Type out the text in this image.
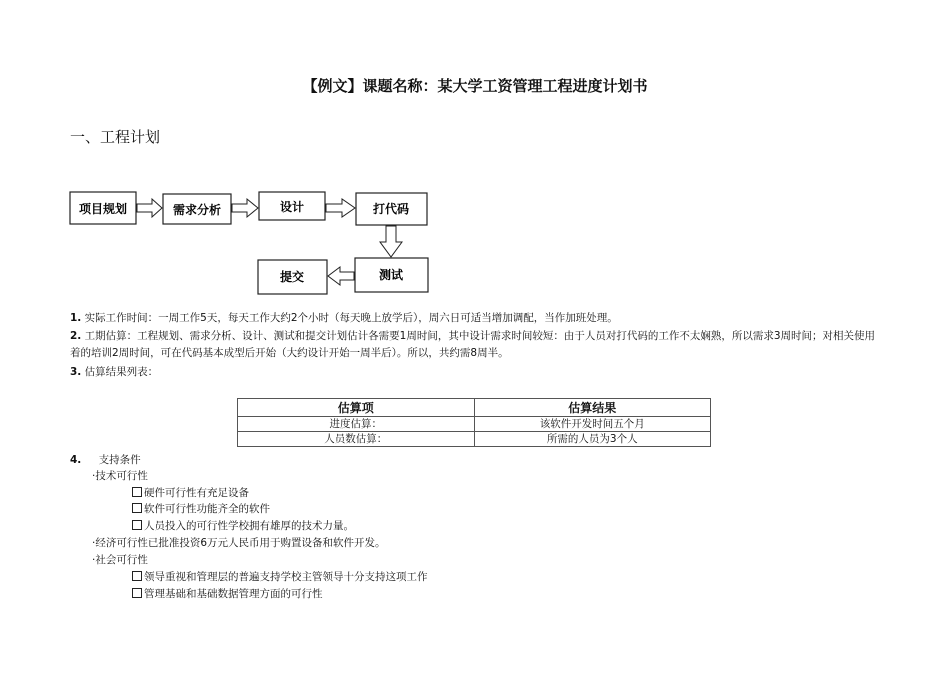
【例文】课题名称：某大学工资管理工程进度计划书
一、工程计划
项目规划	需求分析	设计	打代码
测试
提交
1. 实际工作时间：一周工作5天，每天工作大约2个小时（每天晚上放学后），周六日可适当增加调配，当作加班处理。
2. 工期估算：工程规划、需求分析、设计、测试和提交计划估计各需要1周时间，其中设计需求时间较短：由于人员对打代码的工作不太娴熟，所以需求3周时间；对相关使用着的培训2周时间，可在代码基本成型后开始（大约设计开始一周半后）。所以，共约需8周半。
3. 估算结果列表：
估算项	估算结果
进度估算：	该软件开发时间五个月
人员数估算：	所需的人员为3个人
4. 支持条件
·技术可行性
硬件可行性有充足设备
软件可行性功能齐全的软件
人员投入的可行性学校拥有雄厚的技术力量。
·经济可行性已批准投资6万元人民币用于购置设备和软件开发。
·社会可行性
领导重视和管理层的普遍支持学校主管领导十分支持这项工作
管理基础和基础数据管理方面的可行性
